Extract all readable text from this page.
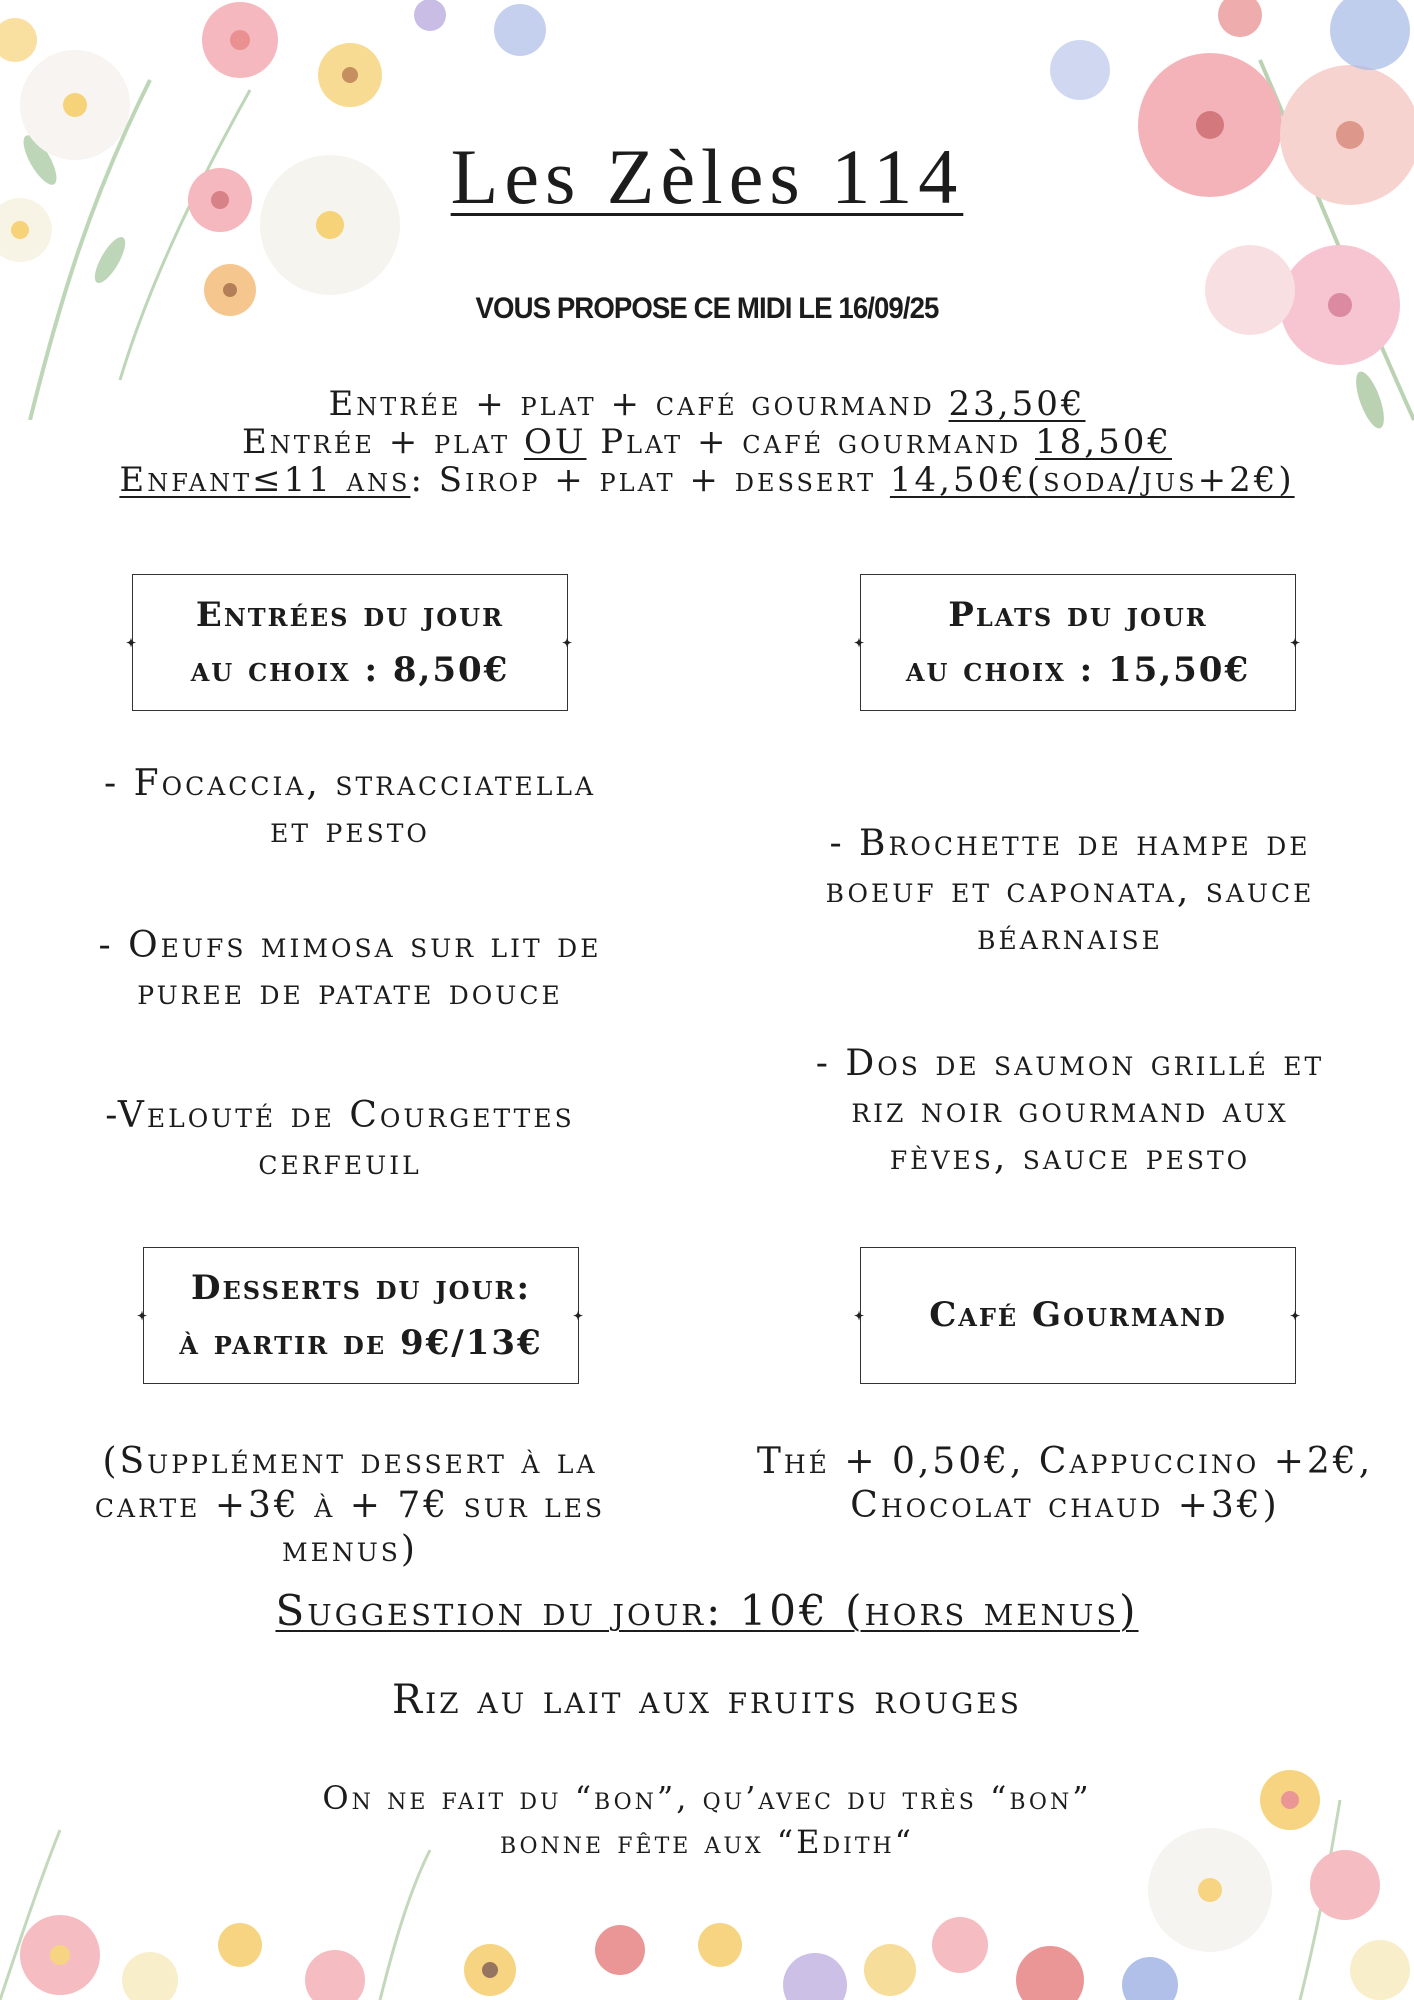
Les Zèles 114
VOUS PROPOSE CE MIDI LE 16/09/25
Entrée + plat + café gourmand 23,50€
Entrée + plat OU Plat + café gourmand 18,50€
Enfant≤11 ans: Sirop + plat + dessert 14,50€(soda/jus+2€)
✦
✦
Entrées du jour
au choix : 8,50€
✦
✦
Plats du jour
au choix : 15,50€
✦
✦
Desserts du jour:
à partir de 9€/13€
✦
✦
Café Gourmand
- Focaccia, stracciatella
et pesto
- Oeufs mimosa sur lit de
puree de patate douce
-Velouté de Courgettes
cerfeuil
- Brochette de hampe de
boeuf et caponata, sauce
béarnaise
- Dos de saumon grillé et
riz noir gourmand aux
fèves, sauce pesto
(Supplément dessert à la
carte +3€ à + 7€ sur les
menus)
Thé + 0,50€, Cappuccino +2€,
Chocolat chaud +3€)
Suggestion du jour: 10€ (hors menus)
Riz au lait aux fruits rouges
On ne fait du “bon”, qu’avec du très “bon”
bonne fête aux “Edith“
